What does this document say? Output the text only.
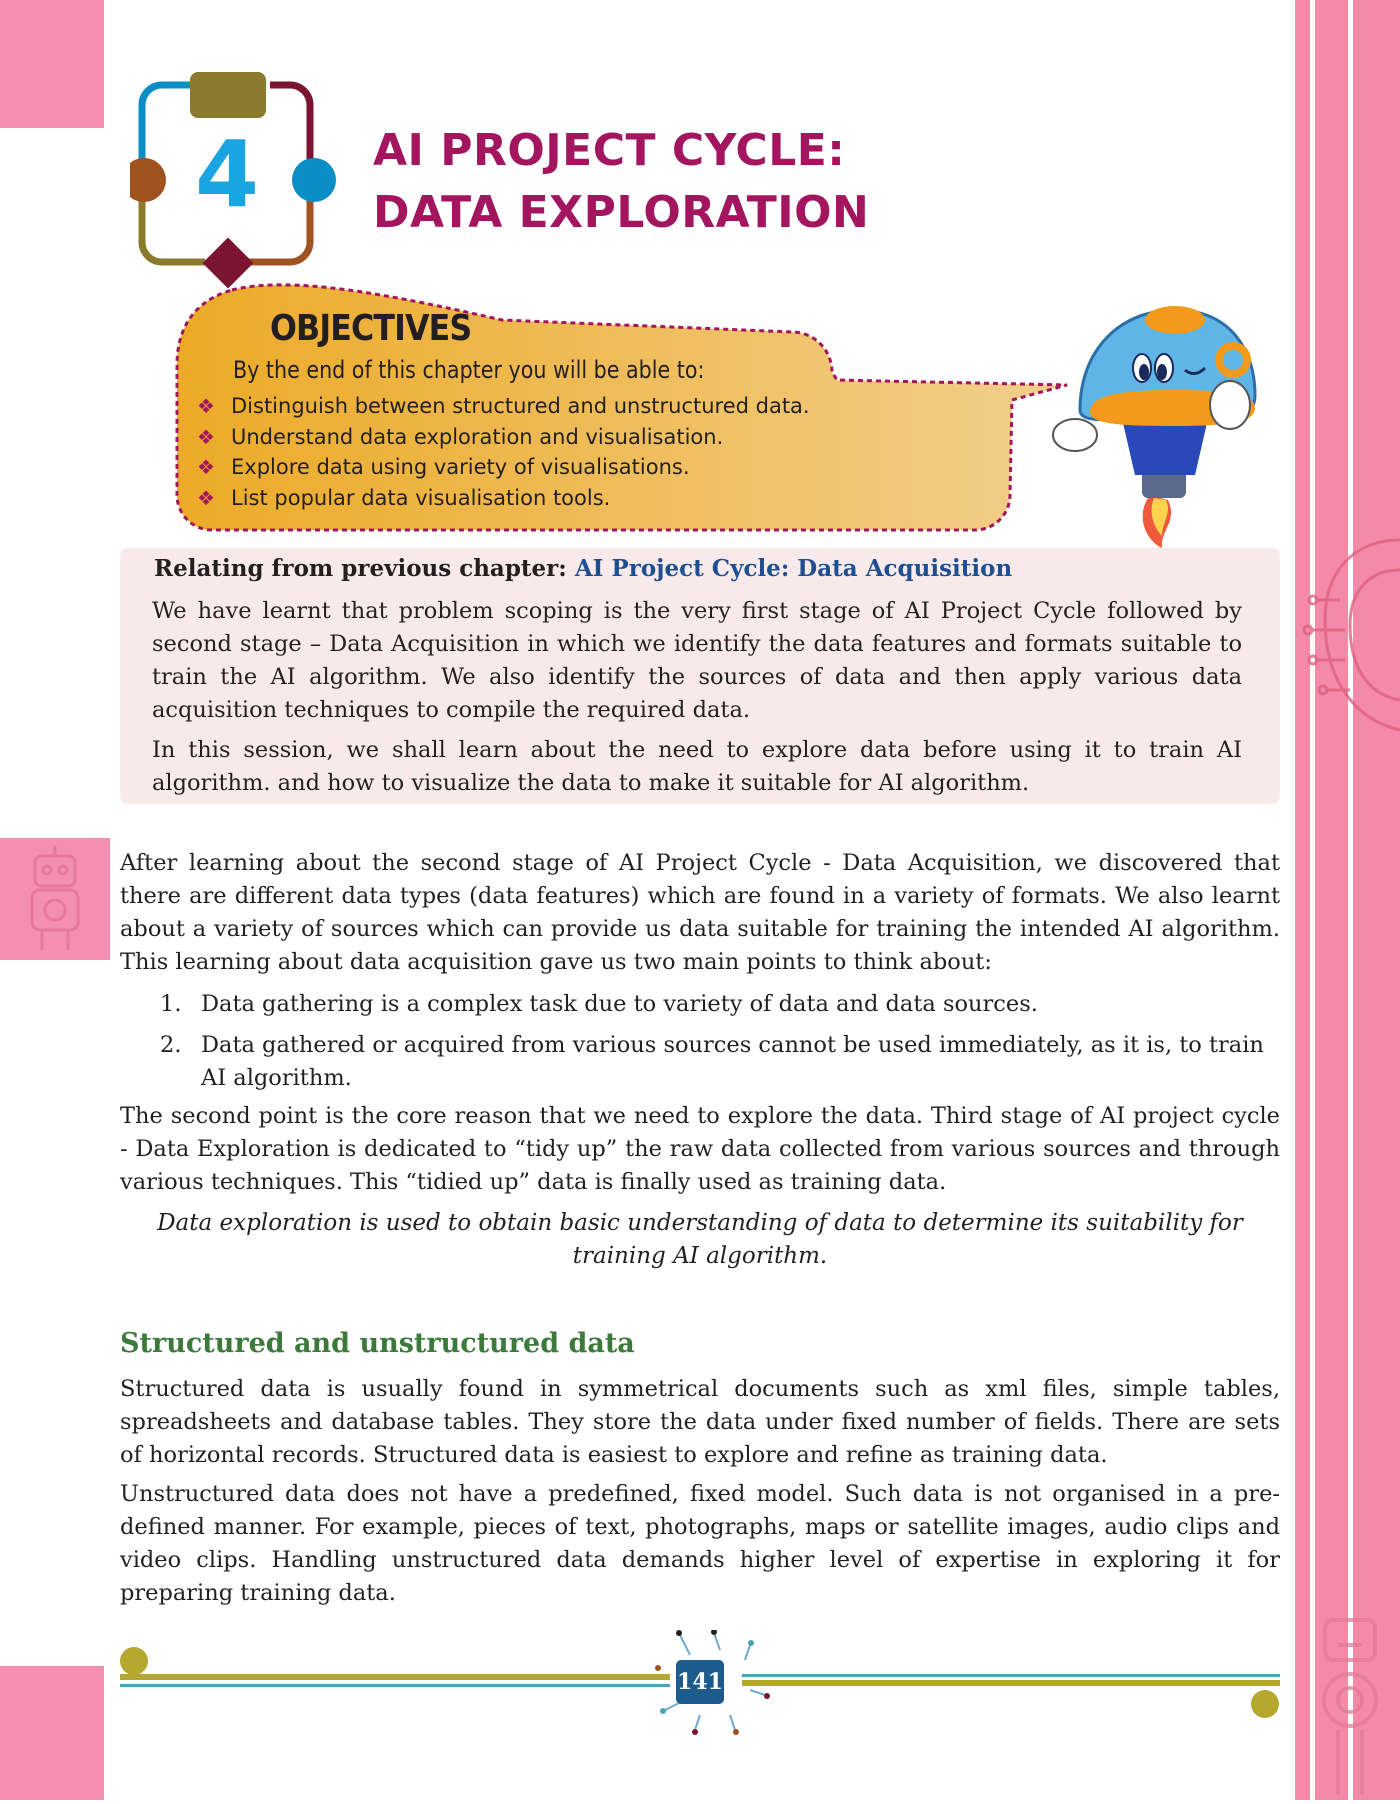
4	AI PROJECT CYCLE:
DATA EXPLORATION
OBJECTIVES
By the end of this chapter you will be able to:
❖ Distinguish between structured and unstructured data.
❖ Understand data exploration and visualisation.
❖ Explore data using variety of visualisations.
❖ List popular data visualisation tools.
Relating from previous chapter: AI Project Cycle: Data Acquisition

We have learnt that problem scoping is the very first stage of AI Project Cycle followed by second stage – Data Acquisition in which we identify the data features and formats suitable to train the AI algorithm. We also identify the sources of data and then apply various data acquisition techniques to compile the required data.

In this session, we shall learn about the need to explore data before using it to train AI algorithm. and how to visualize the data to make it suitable for AI algorithm.

After learning about the second stage of AI Project Cycle - Data Acquisition, we discovered that there are different data types (data features) which are found in a variety of formats. We also learnt about a variety of sources which can provide us data suitable for training the intended AI algorithm. This learning about data acquisition gave us two main points to think about:

1. Data gathering is a complex task due to variety of data and data sources.
2. Data gathered or acquired from various sources cannot be used immediately, as it is, to train AI algorithm.

The second point is the core reason that we need to explore the data. Third stage of AI project cycle - Data Exploration is dedicated to “tidy up” the raw data collected from various sources and through various techniques. This “tidied up” data is finally used as training data.

Data exploration is used to obtain basic understanding of data to determine its suitability for training AI algorithm.

Structured and unstructured data

Structured data is usually found in symmetrical documents such as xml files, simple tables, spreadsheets and database tables. They store the data under fixed number of fields. There are sets of horizontal records. Structured data is easiest to explore and refine as training data.

Unstructured data does not have a predefined, fixed model. Such data is not organised in a pre-defined manner. For example, pieces of text, photographs, maps or satellite images, audio clips and video clips. Handling unstructured data demands higher level of expertise in exploring it for preparing training data.

141
